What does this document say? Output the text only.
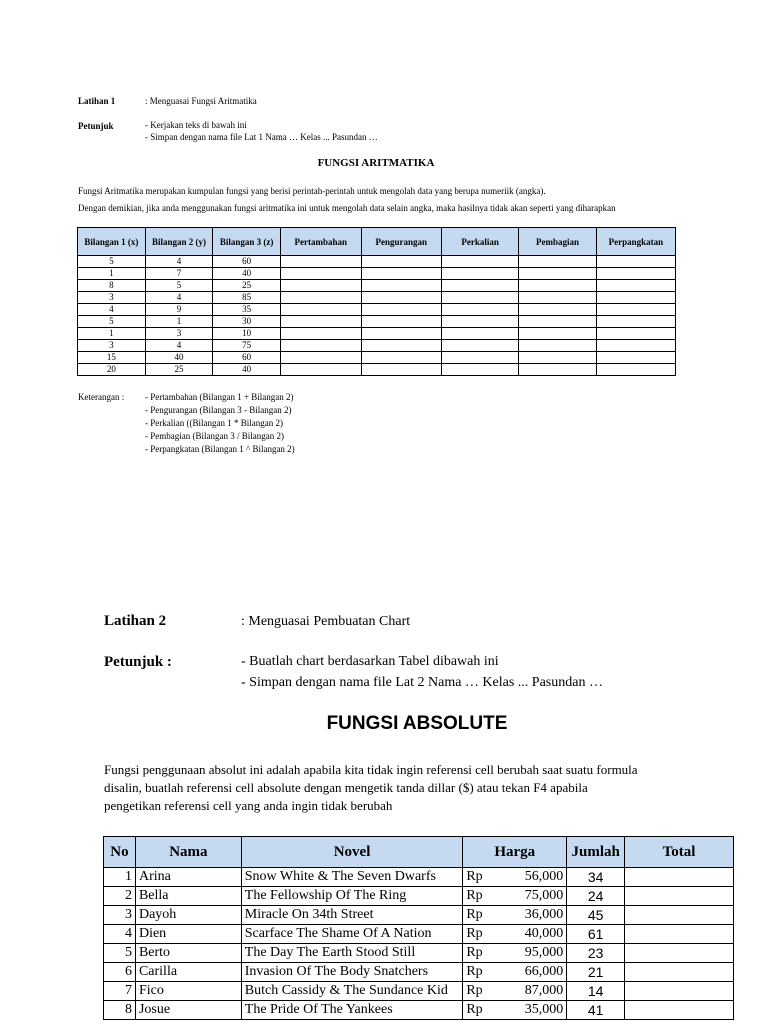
Latihan 1	: Menguasai Fungsi Aritmatika
Petunjuk	- Kerjakan teks di bawah ini
- Simpan dengan nama file Lat 1 Nama … Kelas ... Pasundan …
FUNGSI ARITMATIKA
Fungsi Aritmatika merupakan kumpulan fungsi yang berisi perintah-perintah untuk mengolah data yang berupa numeriik (angka).
Dengan demikian, jika anda menggunakan fungsi aritmatika ini untuk mengolah data selain angka, maka hasilnya tidak akan seperti yang diharapkan
Bilangan 1 (x)	Bilangan 2 (y)	Bilangan 3 (z)	Pertambahan	Pengurangan	Perkalian	Pembagian	Perpangkatan
5	4	60					
1	7	40					
8	5	25					
3	4	85					
4	9	35					
5	1	30					
1	3	10					
3	4	75					
15	40	60					
20	25	40					
Keterangan : - Pertambahan (Bilangan 1 + Bilangan 2)
- Pengurangan (Bilangan 3 - Bilangan 2)
- Perkalian ((Bilangan 1 * Bilangan 2)
- Pembagian (Bilangan 3 / Bilangan 2)
- Perpangkatan (Bilangan 1 ^ Bilangan 2)
Latihan 2	: Menguasai Pembuatan Chart
Petunjuk :	- Buatlah chart berdasarkan Tabel dibawah ini
- Simpan dengan nama file Lat 2 Nama … Kelas ... Pasundan …
FUNGSI ABSOLUTE
Fungsi penggunaan absolut ini adalah apabila kita tidak ingin referensi cell berubah saat suatu formula
disalin, buatlah referensi cell absolute dengan mengetik tanda dillar ($) atau tekan F4 apabila
pengetikan referensi cell yang anda ingin tidak berubah
No	Nama	Novel	Harga		Jumlah	Total
1	Arina	Snow White & The Seven Dwarfs	Rp	56,000	34	
2	Bella	The Fellowship Of The Ring	Rp	75,000	24	
3	Dayoh	Miracle On 34th Street	Rp	36,000	45	
4	Dien	Scarface The Shame Of A Nation	Rp	40,000	61	
5	Berto	The Day The Earth Stood Still	Rp	95,000	23	
6	Carilla	Invasion Of The Body Snatchers	Rp	66,000	21	
7	Fico	Butch Cassidy & The Sundance Kid	Rp	87,000	14	
8	Josue	The Pride Of The Yankees	Rp	35,000	41	
